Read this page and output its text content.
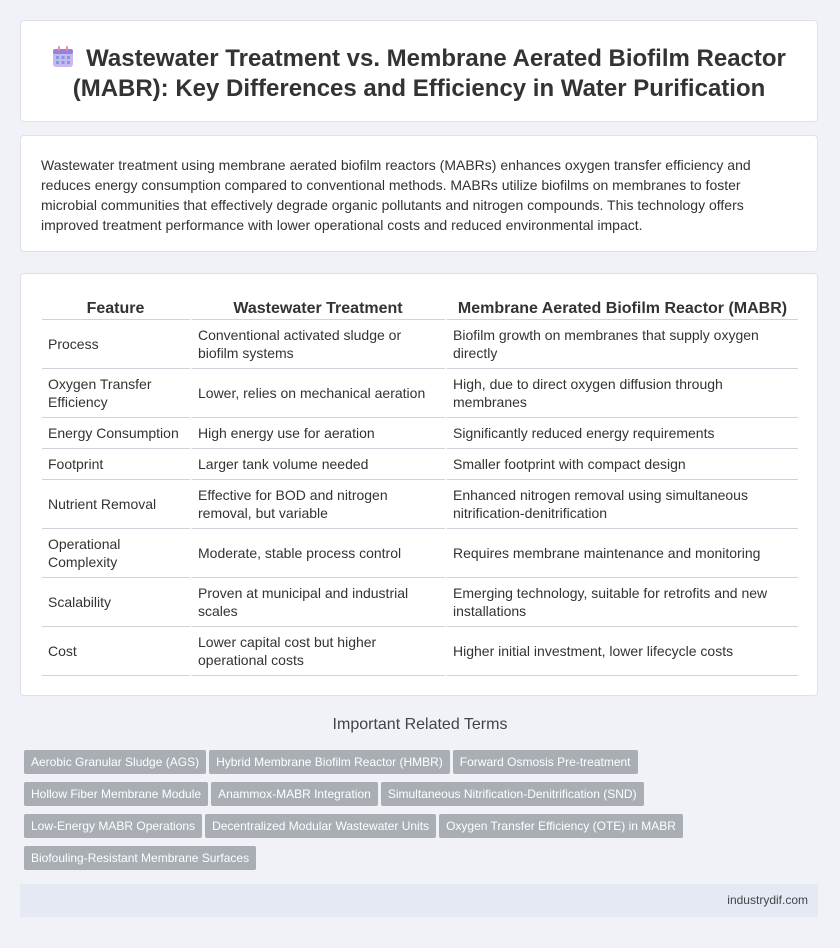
Wastewater Treatment vs. Membrane Aerated Biofilm Reactor (MABR): Key Differences and Efficiency in Water Purification

Wastewater treatment using membrane aerated biofilm reactors (MABRs) enhances oxygen transfer efficiency and reduces energy consumption compared to conventional methods. MABRs utilize biofilms on membranes to foster microbial communities that effectively degrade organic pollutants and nitrogen compounds. This technology offers improved treatment performance with lower operational costs and reduced environmental impact.

Feature	Wastewater Treatment	Membrane Aerated Biofilm Reactor (MABR)
Process	Conventional activated sludge or biofilm systems	Biofilm growth on membranes that supply oxygen directly
Oxygen Transfer Efficiency	Lower, relies on mechanical aeration	High, due to direct oxygen diffusion through membranes
Energy Consumption	High energy use for aeration	Significantly reduced energy requirements
Footprint	Larger tank volume needed	Smaller footprint with compact design
Nutrient Removal	Effective for BOD and nitrogen removal, but variable	Enhanced nitrogen removal using simultaneous nitrification-denitrification
Operational Complexity	Moderate, stable process control	Requires membrane maintenance and monitoring
Scalability	Proven at municipal and industrial scales	Emerging technology, suitable for retrofits and new installations
Cost	Lower capital cost but higher operational costs	Higher initial investment, lower lifecycle costs
Important Related Terms
Aerobic Granular Sludge (AGS) Hybrid Membrane Biofilm Reactor (HMBR) Forward Osmosis Pre-treatment
Hollow Fiber Membrane Module Anammox-MABR Integration Simultaneous Nitrification-Denitrification (SND)
Low-Energy MABR Operations Decentralized Modular Wastewater Units Oxygen Transfer Efficiency (OTE) in MABR
Biofouling-Resistant Membrane Surfaces
industrydif.com
